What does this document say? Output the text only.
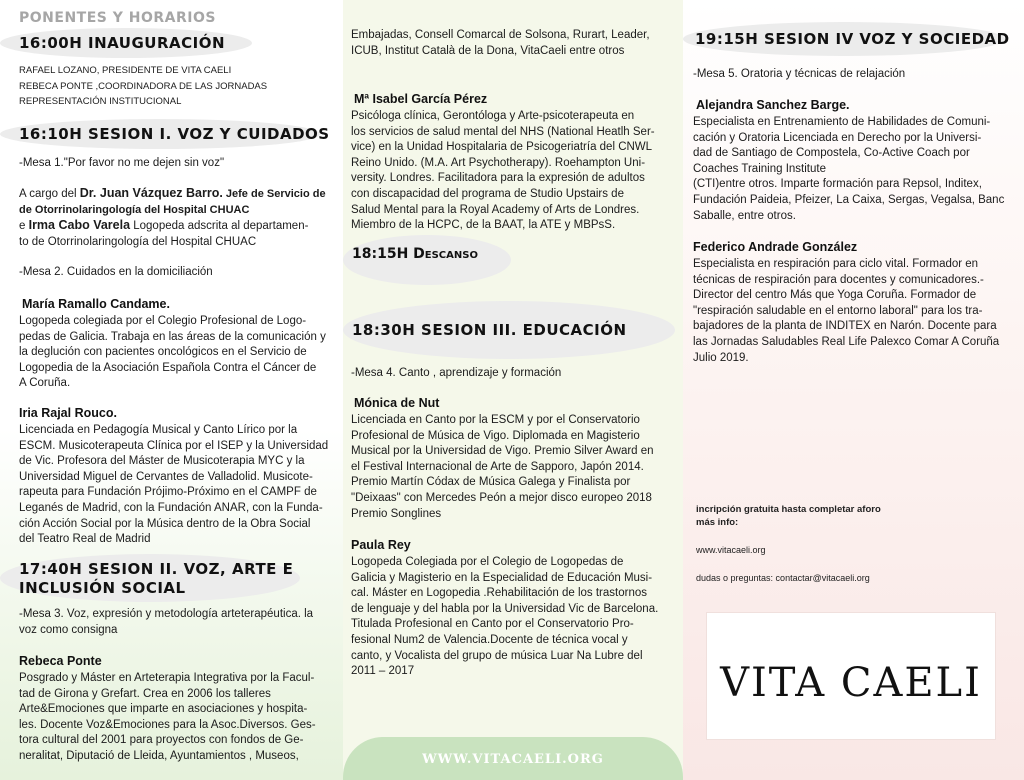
PONENTES Y HORARIOS
16:00H INAUGURACIÓN
RAFAEL LOZANO, PRESIDENTE DE VITA CAELI
REBECA PONTE ,COORDINADORA DE LAS JORNADAS
REPRESENTACIÓN INSTITUCIONAL
16:10H SESION I. VOZ Y CUIDADOS
-Mesa 1."Por favor no me dejen sin voz"
A cargo del Dr. Juan Vázquez Barro. Jefe de Servicio de
de Otorrinolaringología del Hospital CHUAC
e Irma Cabo Varela Logopeda adscrita al departamen-
to de Otorrinolaringología del Hospital CHUAC
-Mesa 2. Cuidados en la domiciliación
María Ramallo Candame.
Logopeda colegiada por el Colegio Profesional de Logo-
pedas de Galicia. Trabaja en las áreas de la comunicación y
la deglución con pacientes oncológicos en el Servicio de
Logopedia de la Asociación Española Contra el Cáncer de
A Coruña.
Iria Rajal Rouco.
Licenciada en Pedagogía Musical y Canto Lírico por la
ESCM. Musicoterapeuta Clínica por el ISEP y la Universidad
de Vic. Profesora del Máster de Musicoterapia MYC y la
Universidad Miguel de Cervantes de Valladolid. Musicote-
rapeuta para Fundación Prójimo-Próximo en el CAMPF de
Leganés de Madrid, con la Fundación ANAR, con la Funda-
ción Acción Social por la Música dentro de la Obra Social
del Teatro Real de Madrid
17:40H SESION II. VOZ, ARTE E
INCLUSIÓN SOCIAL
-Mesa 3. Voz, expresión y metodología arteterapéutica. la
voz como consigna
Rebeca Ponte
Posgrado y Máster en Arteterapia Integrativa por la Facul-
tad de Girona y Grefart. Crea en 2006 los talleres
Arte&Emociones que imparte en asociaciones y hospita-
les. Docente Voz&Emociones para la Asoc.Diversos. Ges-
tora cultural del 2001 para proyectos con fondos de Ge-
neralitat, Diputació de Lleida, Ayuntamientos , Museos,
Embajadas, Consell Comarcal de Solsona, Rurart, Leader,
ICUB, Institut Català de la Dona, VitaCaeli entre otros
Mª Isabel García Pérez
Psicóloga clínica, Gerontóloga y Arte-psicoterapeuta en
los servicios de salud mental del NHS (National Heatlh Ser-
vice) en la Unidad Hospitalaria de Psicogeriatría del CNWL
Reino Unido. (M.A. Art Psychotherapy). Roehampton Uni-
versity. Londres. Facilitadora para la expresión de adultos
con discapacidad del programa de Studio Upstairs de
Salud Mental para la Royal Academy of Arts de Londres.
Miembro de la HCPC, de la BAAT, la ATE y MBPsS.
18:15H Descanso
18:30H SESION III. EDUCACIÓN
-Mesa 4. Canto , aprendizaje y formación
Mónica de Nut
Licenciada en Canto por la ESCM y por el Conservatorio
Profesional de Música de Vigo. Diplomada en Magisterio
Musical por la Universidad de Vigo. Premio Silver Award en
el Festival Internacional de Arte de Sapporo, Japón 2014.
Premio Martín Códax de Música Galega y Finalista por
"Deixaas" con Mercedes Peón a mejor disco europeo 2018
Premio Songlines
Paula Rey
Logopeda Colegiada por el Colegio de Logopedas de
Galicia y Magisterio en la Especialidad de Educación Musi-
cal. Máster en Logopedia .Rehabilitación de los trastornos
de lenguaje y del habla por la Universidad Vic de Barcelona.
Titulada Profesional en Canto por el Conservatorio Pro-
fesional Num2 de Valencia.Docente de técnica vocal y
canto, y Vocalista del grupo de música Luar Na Lubre del
2011 – 2017
WWW.VITACAELI.ORG
19:15H SESION IV VOZ Y SOCIEDAD
-Mesa 5. Oratoria y técnicas de relajación
Alejandra Sanchez Barge.
Especialista en Entrenamiento de Habilidades de Comuni-
cación y Oratoria Licenciada en Derecho por la Universi-
dad de Santiago de Compostela, Co-Active Coach por
Coaches Training Institute
(CTI)entre otros. Imparte formación para Repsol, Inditex,
Fundación Paideia, Pfeizer, La Caixa, Sergas, Vegalsa, Banc
Saballe, entre otros.
Federico Andrade González
Especialista en respiración para ciclo vital. Formador en
técnicas de respiración para docentes y comunicadores.-
Director del centro Más que Yoga Coruña. Formador de
"respiración saludable en el entorno laboral" para los tra-
bajadores de la planta de INDITEX en Narón. Docente para
las Jornadas Saludables Real Life Palexco Comar A Coruña
Julio 2019.
incripción gratuita hasta completar aforo
más info:
www.vitacaeli.org
dudas o preguntas: contactar@vitacaeli.org
VITA CAELI
